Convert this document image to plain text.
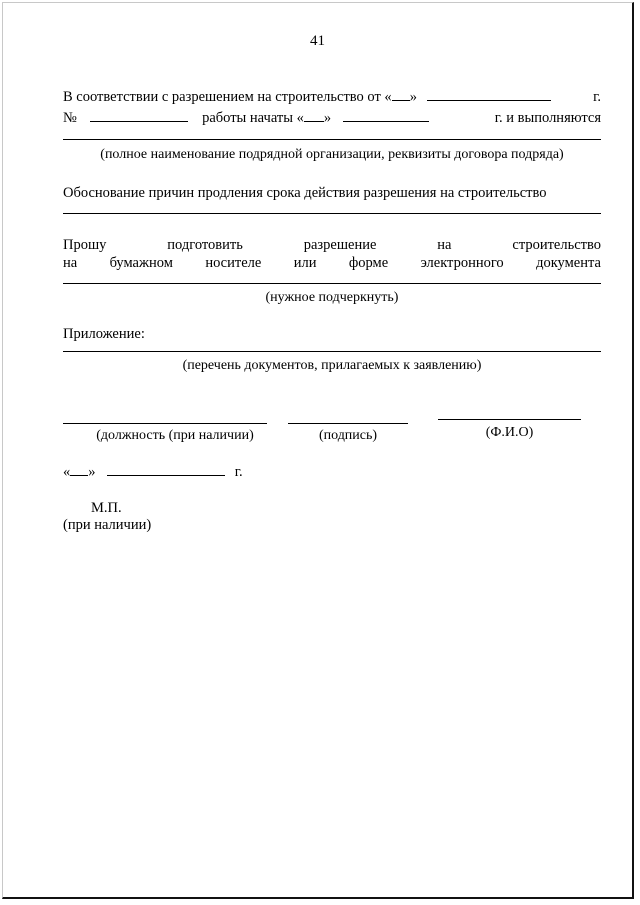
41
В соответствии с разрешением на строительство от « »	г.
№	работы начаты « »	г. и выполняются
(полное наименование подрядной организации, реквизиты договора подряда)
Обоснование причин продления срока действия разрешения на строительство
Прошу	подготовить	разрешение	на	строительство
на бумажном носителе или форме электронного документа
(нужное подчеркнуть)
Приложение:
(перечень документов, прилагаемых к заявлению)
(должность (при наличии)	(подпись)	(Ф.И.О)
« »	г.
М.П.
(при наличии)
